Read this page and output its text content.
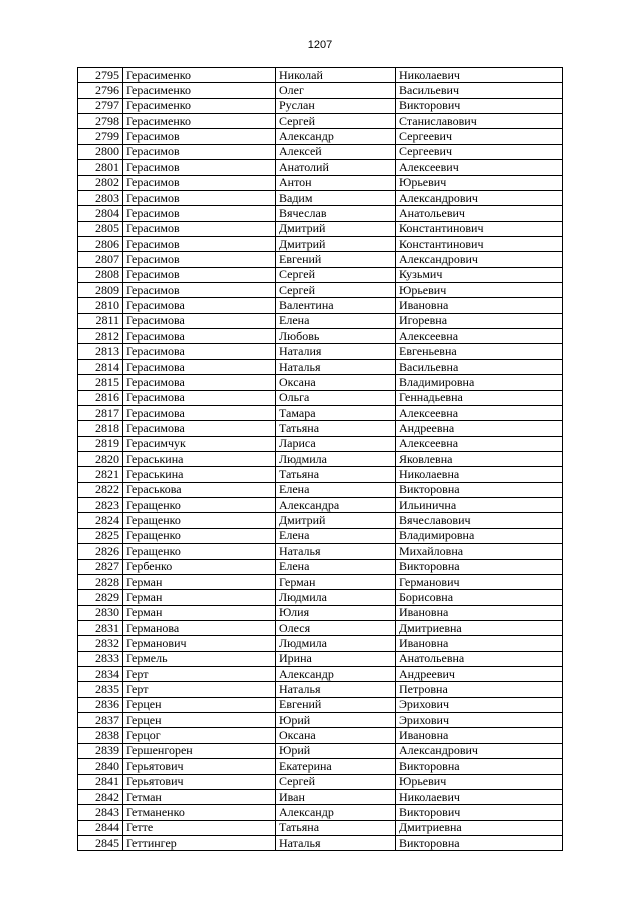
1207
2795	Герасименко	Николай	Николаевич
2796	Герасименко	Олег	Васильевич
2797	Герасименко	Руслан	Викторович
2798	Герасименко	Сергей	Станиславович
2799	Герасимов	Александр	Сергеевич
2800	Герасимов	Алексей	Сергеевич
2801	Герасимов	Анатолий	Алексеевич
2802	Герасимов	Антон	Юрьевич
2803	Герасимов	Вадим	Александрович
2804	Герасимов	Вячеслав	Анатольевич
2805	Герасимов	Дмитрий	Константинович
2806	Герасимов	Дмитрий	Константинович
2807	Герасимов	Евгений	Александрович
2808	Герасимов	Сергей	Кузьмич
2809	Герасимов	Сергей	Юрьевич
2810	Герасимова	Валентина	Ивановна
2811	Герасимова	Елена	Игоревна
2812	Герасимова	Любовь	Алексеевна
2813	Герасимова	Наталия	Евгеньевна
2814	Герасимова	Наталья	Васильевна
2815	Герасимова	Оксана	Владимировна
2816	Герасимова	Ольга	Геннадьевна
2817	Герасимова	Тамара	Алексеевна
2818	Герасимова	Татьяна	Андреевна
2819	Герасимчук	Лариса	Алексеевна
2820	Гераськина	Людмила	Яковлевна
2821	Гераськина	Татьяна	Николаевна
2822	Гераськова	Елена	Викторовна
2823	Геращенко	Александра	Ильиничнa
2824	Геращенко	Дмитрий	Вячеславович
2825	Геращенко	Елена	Владимировна
2826	Геращенко	Наталья	Михайловна
2827	Гербенко	Елена	Викторовна
2828	Герман	Герман	Германович
2829	Герман	Людмила	Борисовна
2830	Герман	Юлия	Ивановна
2831	Германова	Олеся	Дмитриевна
2832	Германович	Людмила	Ивановна
2833	Гермель	Ирина	Анатольевна
2834	Герт	Александр	Андреевич
2835	Герт	Наталья	Петровна
2836	Герцен	Евгений	Эрихович
2837	Герцен	Юрий	Эрихович
2838	Герцог	Оксана	Ивановна
2839	Гершенгорен	Юрий	Александрович
2840	Герьятович	Екатерина	Викторовна
2841	Герьятович	Сергей	Юрьевич
2842	Гетман	Иван	Николаевич
2843	Гетманенко	Александр	Викторович
2844	Гетте	Татьяна	Дмитриевна
2845	Геттингер	Наталья	Викторовна
